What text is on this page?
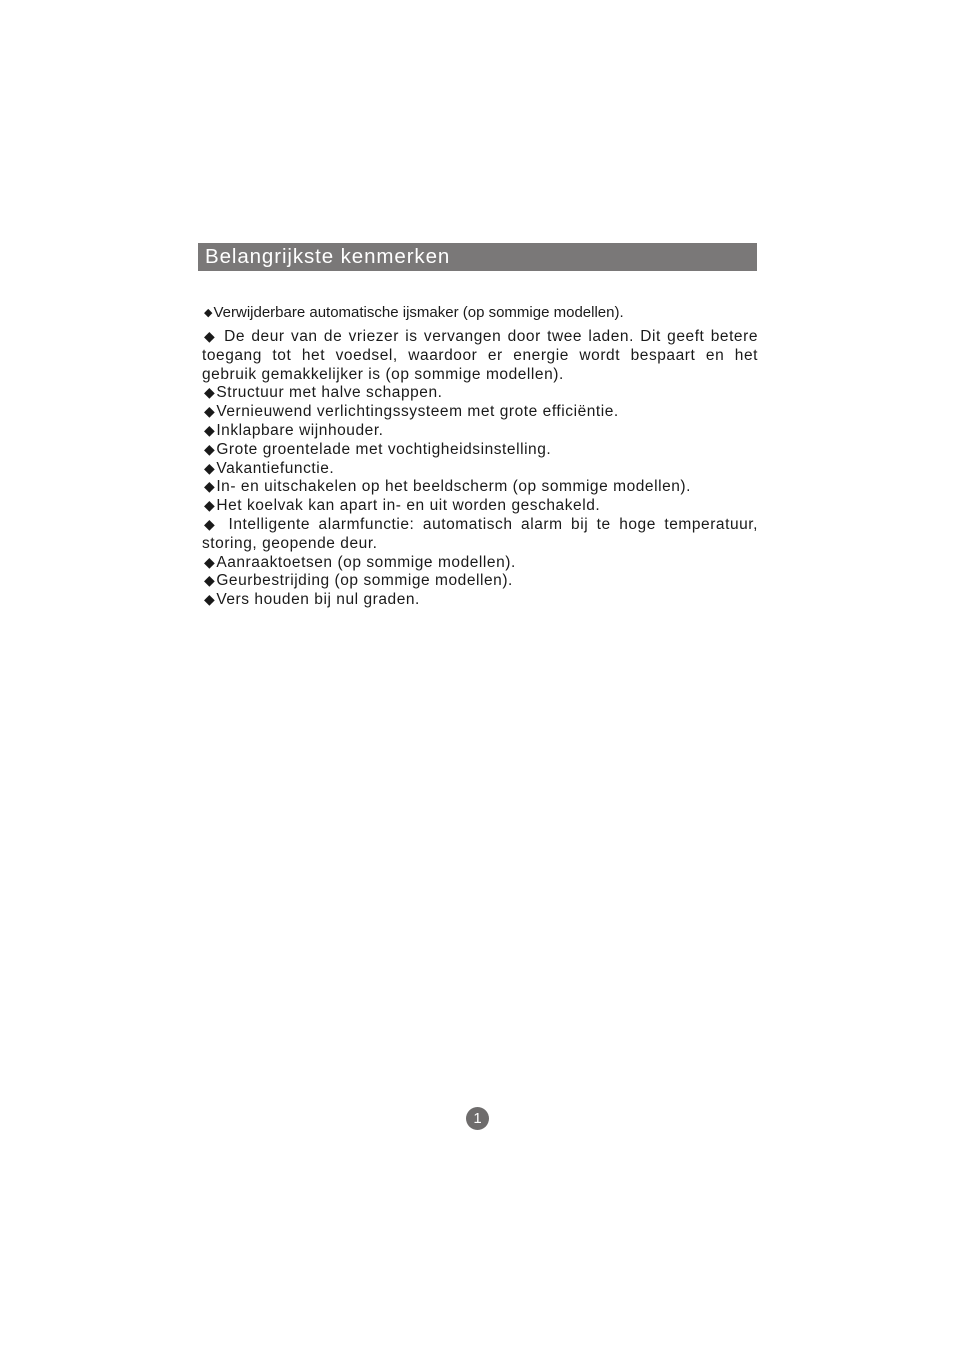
Belangrijkste kenmerken
◆Verwijderbare automatische ijsmaker (op sommige modellen).
◆ De deur van de vriezer is vervangen door twee laden. Dit geeft betere toegang tot het voedsel, waardoor er energie wordt bespaart en het gebruik gemakkelijker is (op sommige modellen).
◆Structuur met halve schappen.
◆Vernieuwend verlichtingssysteem met grote efficiëntie.
◆Inklapbare wijnhouder.
◆Grote groentelade met vochtigheidsinstelling.
◆Vakantiefunctie.
◆In- en uitschakelen op het beeldscherm (op sommige modellen).
◆Het koelvak kan apart in- en uit worden geschakeld.
◆ Intelligente alarmfunctie: automatisch alarm bij te hoge temperatuur, storing, geopende deur.
◆Aanraaktoetsen (op sommige modellen).
◆Geurbestrijding (op sommige modellen).
◆Vers houden bij nul graden.
1
